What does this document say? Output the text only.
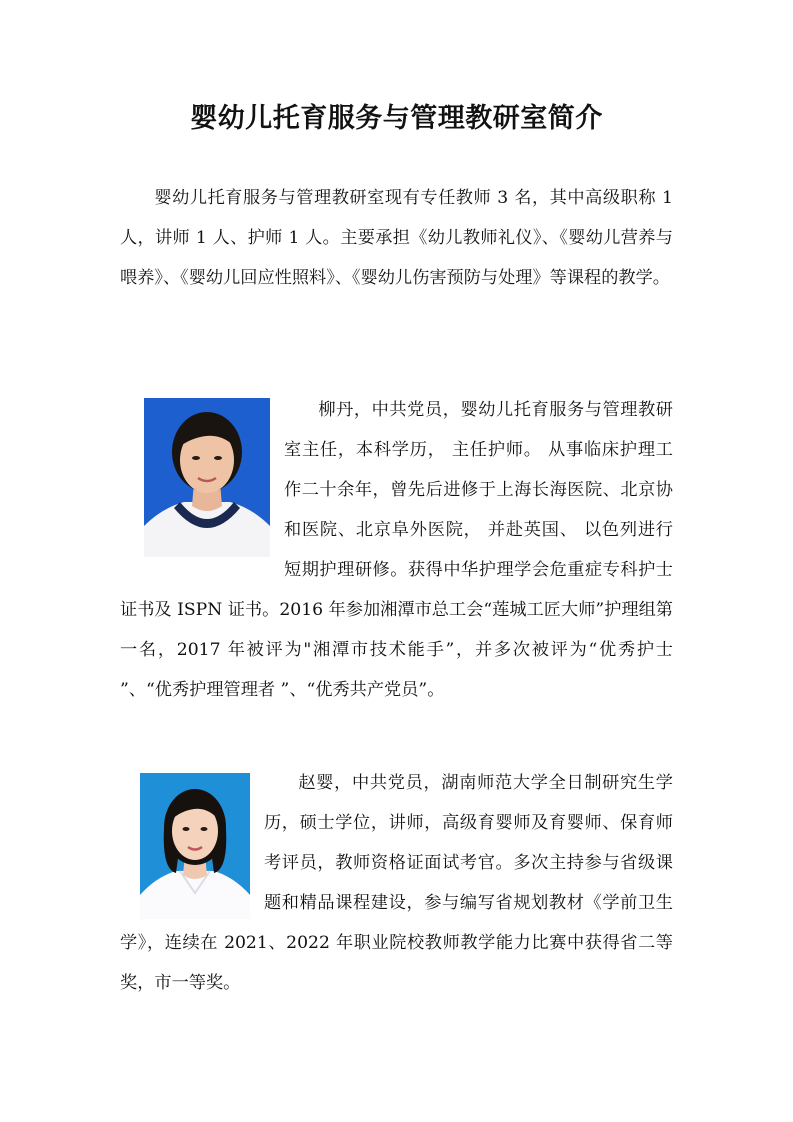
婴幼儿托育服务与管理教研室简介

婴幼儿托育服务与管理教研室现有专任教师 3 名，其中高级职称 1 人，讲师 1 人、护师 1 人。主要承担《幼儿教师礼仪》、《婴幼儿营养与喂养》、《婴幼儿回应性照料》、《婴幼儿伤害预防与处理》等课程的教学。

柳丹，中共党员，婴幼儿托育服务与管理教研室主任，本科学历， 主任护师。 从事临床护理工作二十余年，曾先后进修于上海长海医院、北京协和医院、北京阜外医院， 并赴英国、 以色列进行短期护理研修。获得中华护理学会危重症专科护士证书及 ISPN 证书。2016 年参加湘潭市总工会“莲城工匠大师”护理组第一名，2017 年被评为"湘潭市技术能手”，并多次被评为“优秀护士 ”、“优秀护理管理者 ”、“优秀共产党员”。
赵婴，中共党员，湖南师范大学全日制研究生学历，硕士学位，讲师，高级育婴师及育婴师、保育师考评员，教师资格证面试考官。多次主持参与省级课题和精品课程建设，参与编写省规划教材《学前卫生学》，连续在 2021、2022 年职业院校教师教学能力比赛中获得省二等奖，市一等奖。
